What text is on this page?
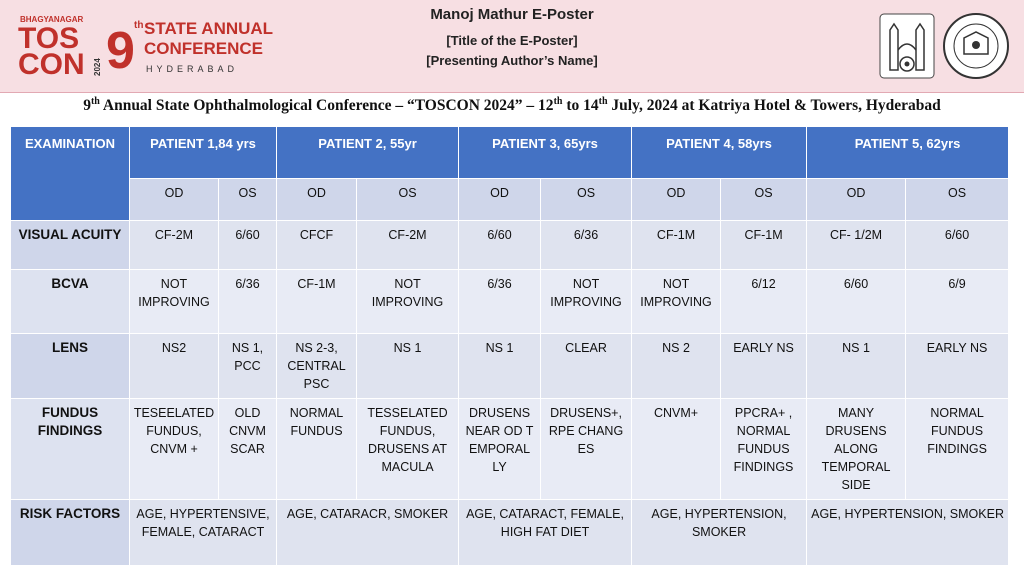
BHAGYANAGAR
TOS
CON 2024 9 th STATE ANNUAL
CONFERENCE
HYDERABAD
Manoj Mathur E-Poster
[Title of the E-Poster]
[Presenting Author’s Name]
9th Annual State Ophthalmological Conference – “TOSCON 2024” – 12th to 14th July, 2024 at Katriya Hotel & Towers, Hyderabad
EXAMINATION	PATIENT 1,84 yrs		PATIENT 2, 55yr		PATIENT 3, 65yrs		PATIENT 4, 58yrs		PATIENT 5, 62yrs	
	OD	OS	OD	OS	OD	OS	OD	OS	OD	OS
VISUAL ACUITY	CF-2M	6/60	CFCF	CF-2M	6/60	6/36	CF-1M	CF-1M	CF- 1/2M	6/60
BCVA	NOT IMPROVING	6/36	CF-1M	NOT IMPROVING	6/36	NOT IMPROVING	NOT IMPROVING	6/12	6/60	6/9
LENS	NS2	NS 1, PCC	NS 2-3, CENTRAL PSC	NS 1	NS 1	CLEAR	NS 2	EARLY NS	NS 1	EARLY NS
FUNDUS FINDINGS	TESEELATED FUNDUS, CNVM +	OLD CNVM SCAR	NORMAL FUNDUS	TESSELATED FUNDUS, DRUSENS AT MACULA	DRUSENS NEAR OD T EMPORAL LY	DRUSENS+, RPE CHANG ES	CNVM+	PPCRA+ , NORMAL FUNDUS FINDINGS	MANY DRUSENS ALONG TEMPORAL SIDE	NORMAL FUNDUS FINDINGS
RISK FACTORS	AGE, HYPERTENSIVE, FEMALE, CATARACT		AGE, CATARACR, SMOKER		AGE, CATARACT, FEMALE, HIGH FAT DIET		AGE, HYPERTENSION, SMOKER		AGE, HYPERTENSION, SMOKER	
